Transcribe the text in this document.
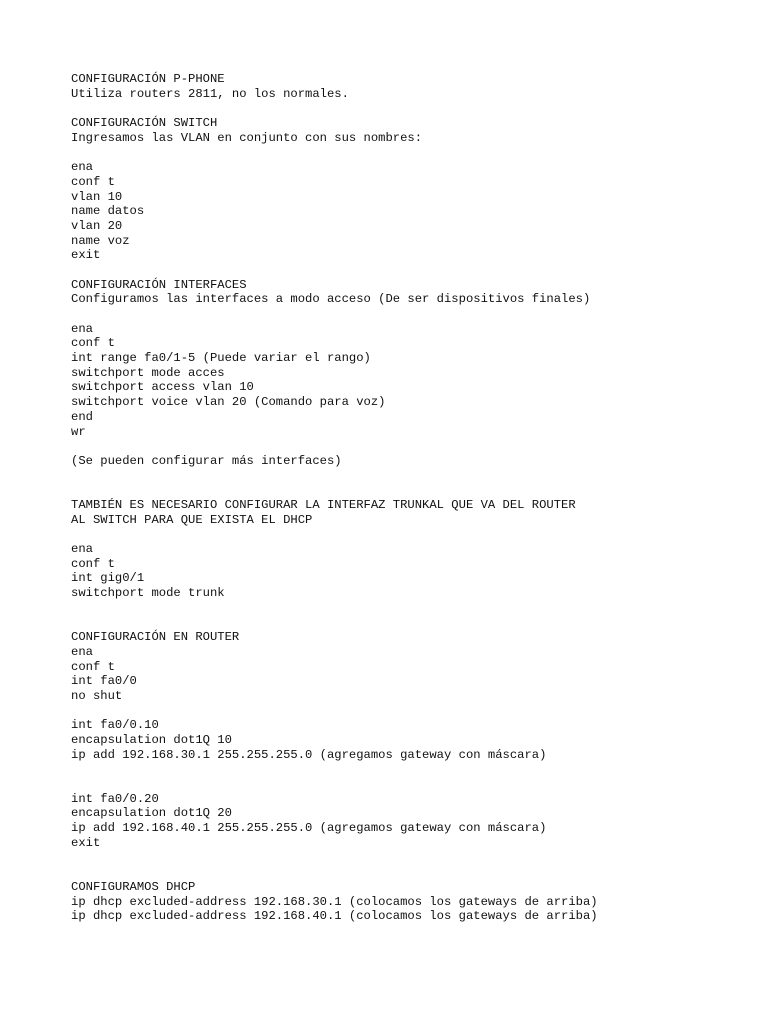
CONFIGURACIÓN P-PHONE
Utiliza routers 2811, no los normales.
CONFIGURACIÓN SWITCH
Ingresamos las VLAN en conjunto con sus nombres:
ena
conf t
vlan 10
name datos
vlan 20
name voz
exit
CONFIGURACIÓN INTERFACES
Configuramos las interfaces a modo acceso (De ser dispositivos finales)
ena
conf t
int range fa0/1-5 (Puede variar el rango)
switchport mode acces
switchport access vlan 10
switchport voice vlan 20 (Comando para voz)
end
wr
(Se pueden configurar más interfaces)
TAMBIÉN ES NECESARIO CONFIGURAR LA INTERFAZ TRUNKAL QUE VA DEL ROUTER
AL SWITCH PARA QUE EXISTA EL DHCP
ena
conf t
int gig0/1
switchport mode trunk
CONFIGURACIÓN EN ROUTER
ena
conf t
int fa0/0
no shut
int fa0/0.10
encapsulation dot1Q 10
ip add 192.168.30.1 255.255.255.0 (agregamos gateway con máscara)
int fa0/0.20
encapsulation dot1Q 20
ip add 192.168.40.1 255.255.255.0 (agregamos gateway con máscara)
exit
CONFIGURAMOS DHCP
ip dhcp excluded-address 192.168.30.1 (colocamos los gateways de arriba)
ip dhcp excluded-address 192.168.40.1 (colocamos los gateways de arriba)
